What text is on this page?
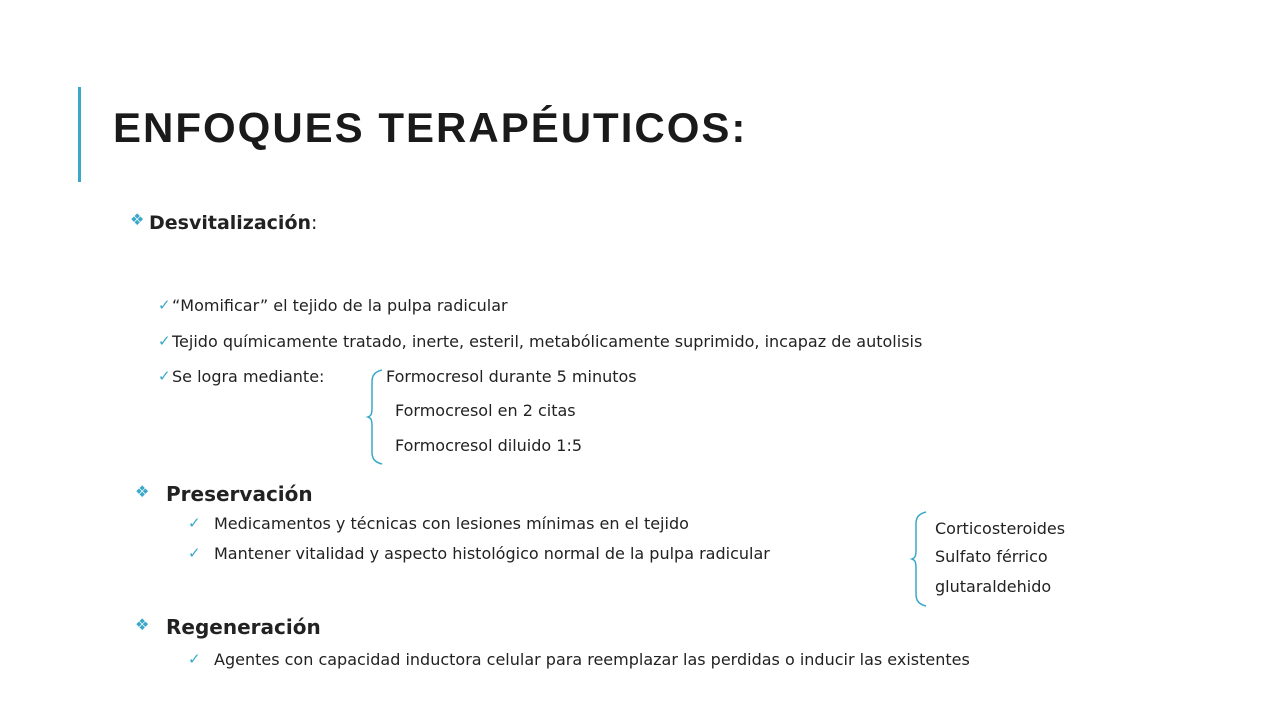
ENFOQUES TERAPÉUTICOS:
❖ Desvitalización:
✓ “Momificar” el tejido de la pulpa radicular
✓ Tejido químicamente tratado, inerte, esteril, metabólicamente suprimido, incapaz de autolisis
✓ Se logra mediante:	Formocresol durante 5 minutos
Formocresol en 2 citas
Formocresol diluido 1:5
❖ Preservación
✓ Medicamentos y técnicas con lesiones mínimas en el tejido
✓ Mantener vitalidad y aspecto histológico normal de la pulpa radicular
Corticosteroides
Sulfato férrico
glutaraldehido
❖ Regeneración
✓ Agentes con capacidad inductora celular para reemplazar las perdidas o inducir las existentes
